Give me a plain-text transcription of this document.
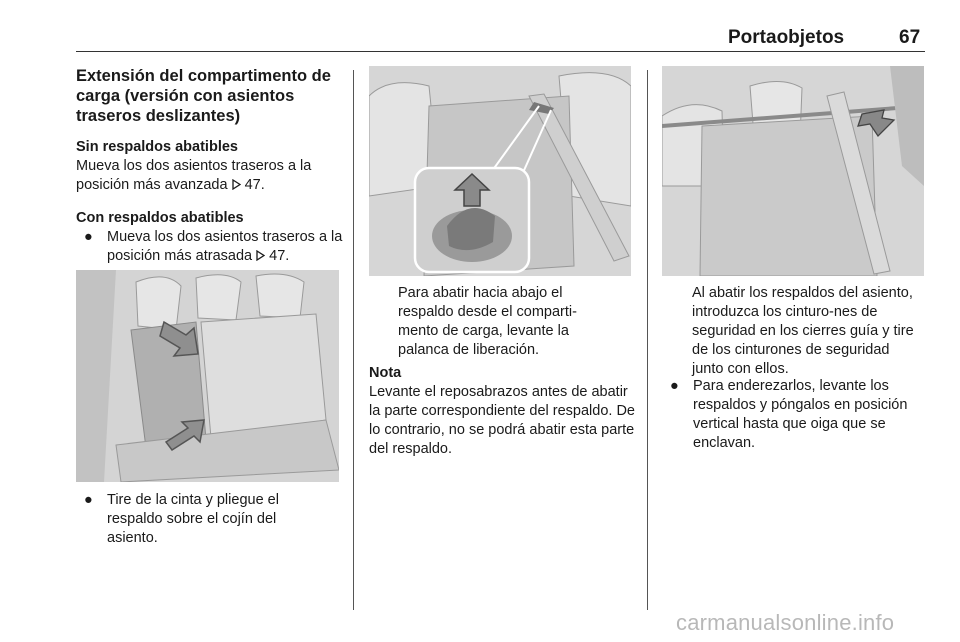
Portaobjetos	67
Extensión del compartimento de carga (versión con asientos traseros deslizantes)
Sin respaldos abatibles
Mueva los dos asientos traseros a la posición más avanzada 47.
Con respaldos abatibles
● Mueva los dos asientos traseros a la posición más atrasada 47.
● Tire de la cinta y pliegue el respaldo sobre el cojín del asiento.
Para abatir hacia abajo el respaldo desde el comparti-mento de carga, levante la palanca de liberación.
Nota
Levante el reposabrazos antes de abatir la parte correspondiente del respaldo. De lo contrario, no se podrá abatir esta parte del respaldo.
Al abatir los respaldos del asiento, introduzca los cinturo-nes de seguridad en los cierres guía y tire de los cinturones de seguridad junto con ellos.
● Para enderezarlos, levante los respaldos y póngalos en posición vertical hasta que oiga que se enclavan.
carmanualsonline.info
